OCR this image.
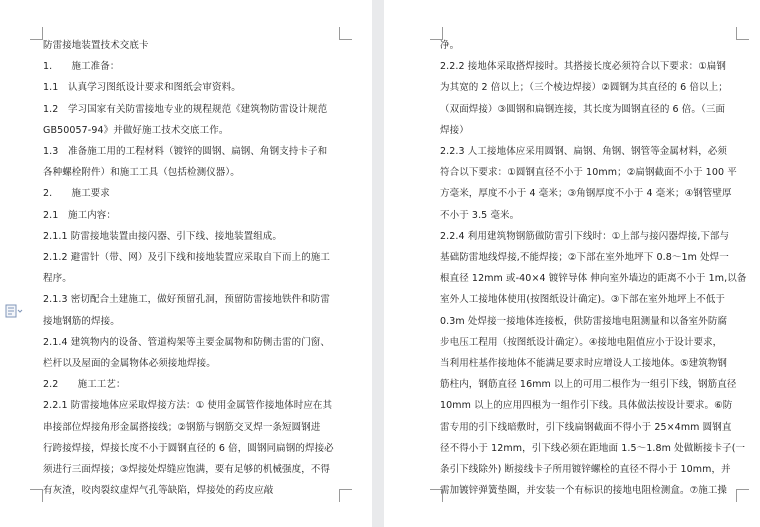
防雷接地装置技术交底卡
1.　　施工准备：
1.1　认真学习图纸设计要求和图纸会审资料。
1.2　学习国家有关防雷接地专业的规程规范《建筑物防雷设计规范
GB50057-94》并做好施工技术交底工作。
1.3　准备施工用的工程材料（镀锌的圆钢、扁钢、角钢支持卡子和
各种螺栓附件）和施工工具（包括检测仪器）。
2.　　施工要求
2.1　施工内容：
2.1.1 防雷接地装置由接闪器、引下线、接地装置组成。
2.1.2 避雷针（带、网）及引下线和接地装置应采取自下而上的施工
程序。
2.1.3 密切配合土建施工，做好预留孔洞，预留防雷接地铁件和防雷
接地钢筋的焊接。
2.1.4 建筑物内的设备、管道构架等主要金属物和防侧击雷的门窗、
栏杆以及屋面的金属物体必须接地焊接。
2.2　　施工工艺：
2.2.1 防雷接地体应采取焊接方法：① 使用金属管作接地体时应在其
串接部位焊接角形金属搭接线；②钢筋与钢筋交叉焊一条短圆钢进
行跨接焊接，焊接长度不小于圆钢直径的 6 倍，圆钢同扁钢的焊接必
须进行三面焊接；③焊接处焊缝应饱满，要有足够的机械强度，不得
有灰渣，咬肉裂纹虚焊气孔等缺陷，焊接处的药皮应敲
净。
2.2.2 接地体采取搭焊接时。其搭接长度必须符合以下要求：①扁钢
为其宽的 2 倍以上；（三个棱边焊接）②圆钢为其直径的 6 倍以上；
（双面焊接）③圆钢和扁钢连接，其长度为圆钢直径的 6 倍。（三面
焊接）
2.2.3 人工接地体应采用圆钢、扁钢、角钢、钢管等金属材料，必须
符合以下要求：①圆钢直径不小于 10mm；②扁钢截面不小于 100 平
方毫米，厚度不小于 4 毫米；③角钢厚度不小于 4 毫米；④钢管壁厚
不小于 3.5 毫米。
2.2.4 利用建筑物钢筋做防雷引下线时：①上部与接闪器焊接,下部与
基础防雷地线焊接,不能焊接；②下部在室外地坪下 0.8～1m 处焊一
根直径 12mm 或-40×4 镀锌导体 伸向室外墙边的距离不小于 1m,以备
室外人工接地体使用(按图纸设计确定)。③下部在室外地坪上不低于
0.3m 处焊接一接地体连接板，供防雷接地电阻测量和以备室外防腐
步电压工程用（按图纸设计确定）。④接地电阻值应小于设计要求，
当利用柱基作接地体不能满足要求时应增设人工接地体。⑤建筑物钢
筋柱内，钢筋直径 16mm 以上的可用二根作为一组引下线，钢筋直径
10mm 以上的应用四根为一组作引下线。具体做法按设计要求。⑥防
雷专用的引下线暗敷时，引下线扁钢截面不得小于 25×4mm 圆钢直
径不得小于 12mm，引下线必须在距地面 1.5～1.8m 处做断接卡子(一
条引下线除外) 断接线卡子所用镀锌螺栓的直径不得小于 10mm，并
需加镀锌弹簧垫圈，并安装一个有标识的接地电阻检测盒。⑦施工操
